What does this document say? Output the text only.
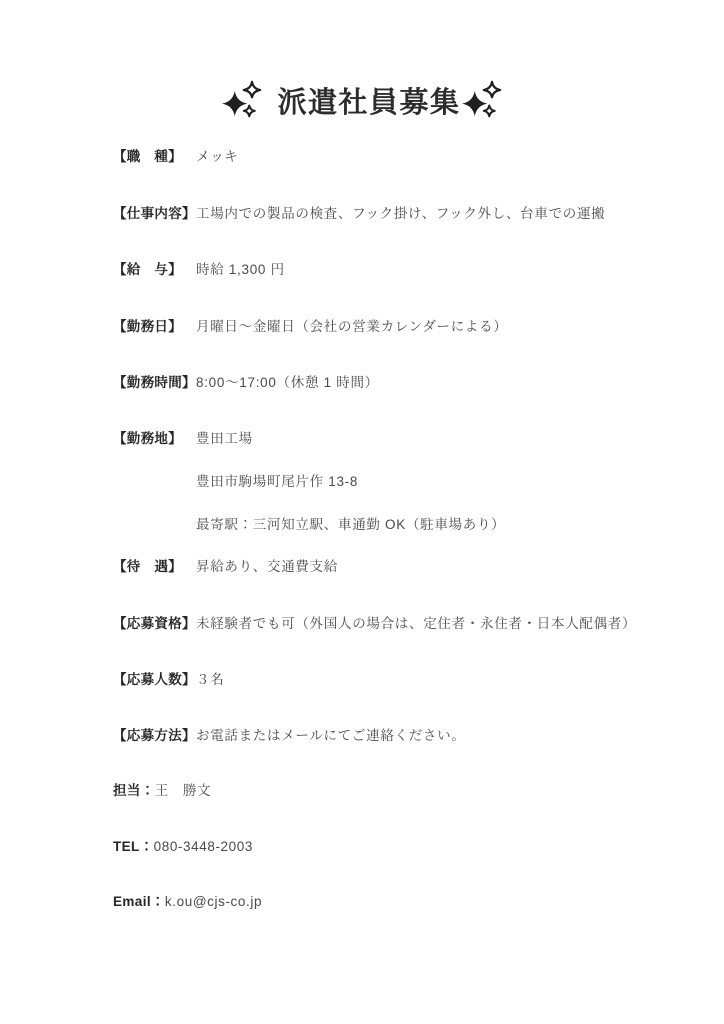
派遣社員募集
【職　種】	メッキ
【仕事内容】 工場内での製品の検査、フック掛け、フック外し、台車での運搬
【給　与】	時給 1,300 円
【勤務日】	月曜日～金曜日（会社の営業カレンダーによる）
【勤務時間】 8:00～17:00（休憩 1 時間）
【勤務地】	豊田工場
豊田市駒場町尾片作 13-8
最寄駅：三河知立駅、車通勤 OK（駐車場あり）
【待　遇】	昇給あり、交通費支給
【応募資格】 未経験者でも可（外国人の場合は、定住者・永住者・日本人配偶者）
【応募人数】 ３名
【応募方法】 お電話またはメールにてご連絡ください。
担当：王　勝文
TEL：080-3448-2003
Email：k.ou@cjs-co.jp
